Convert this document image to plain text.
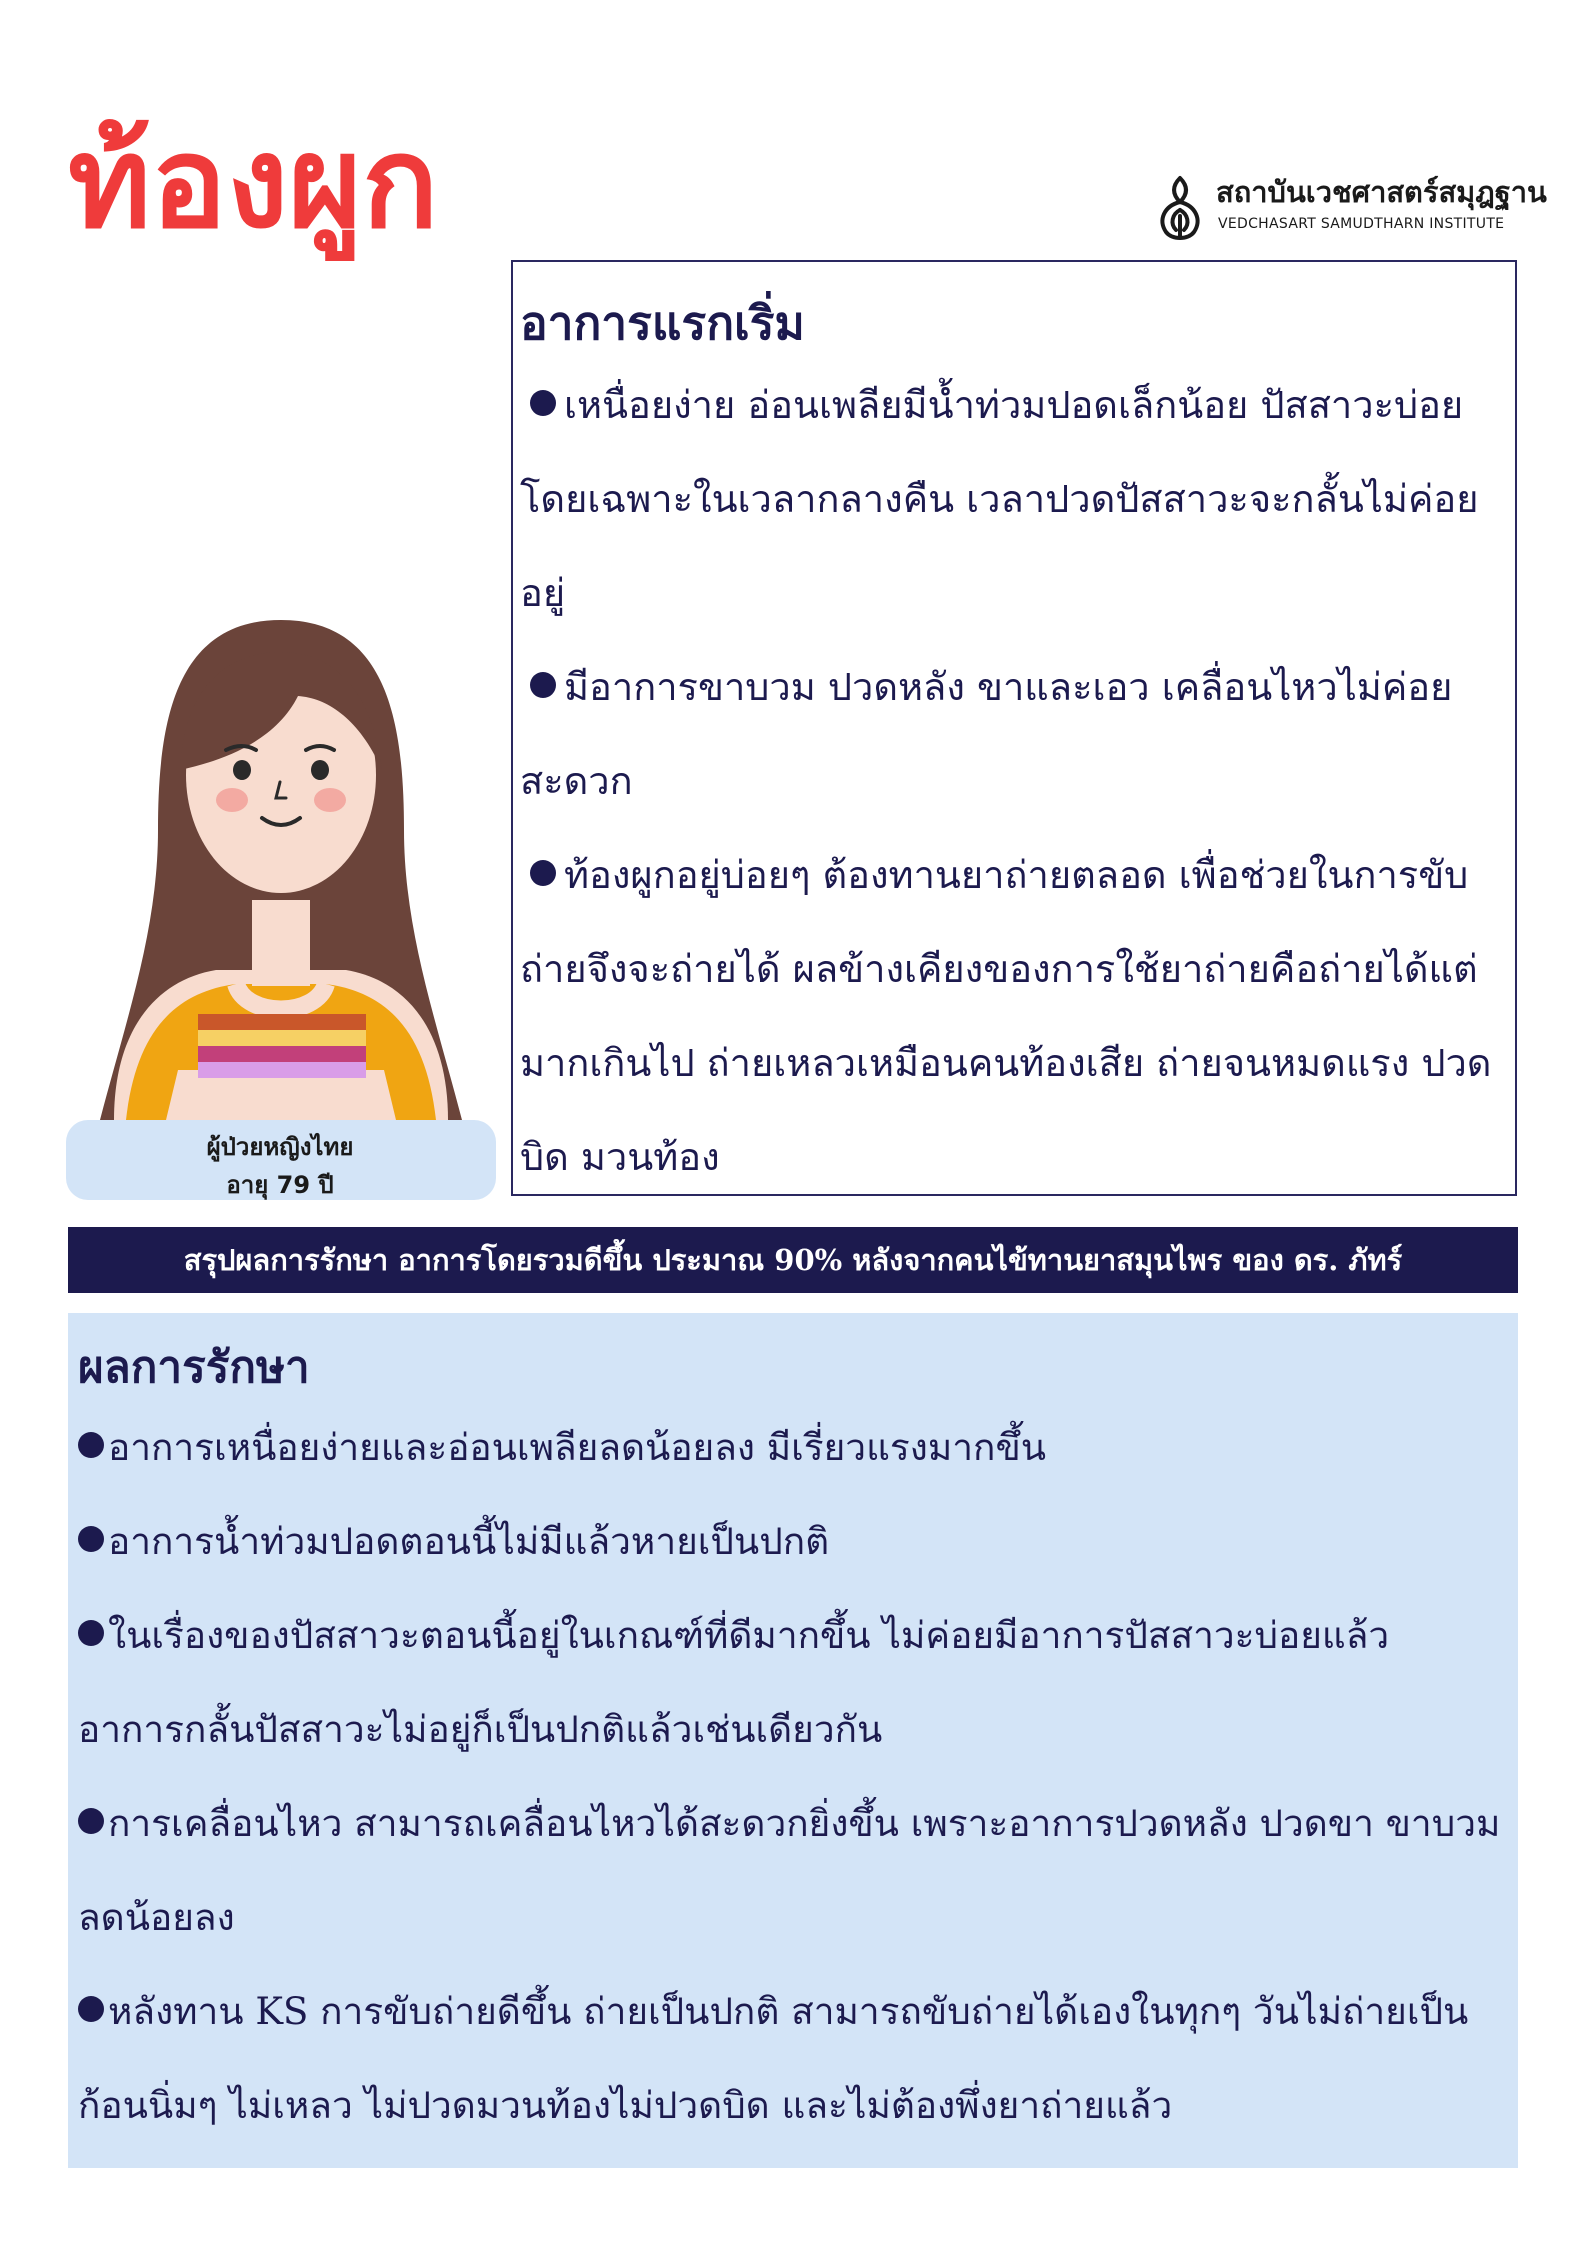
ท้องผูก	สถาบันเวชศาสตร์สมุฎฐาน
VEDCHASART SAMUDTHARN INSTITUTE
ผู้ป่วยหญิงไทย
อายุ 79 ปี
อาการแรกเริ่ม
เหนื่อยง่าย อ่อนเพลียมีน้ำท่วมปอดเล็กน้อย ปัสสาวะบ่อย โดยเฉพาะในเวลากลางคืน เวลาปวดปัสสาวะจะกลั้นไม่ค่อยอยู่
มีอาการขาบวม ปวดหลัง ขาและเอว เคลื่อนไหวไม่ค่อยสะดวก
ท้องผูกอยู่บ่อยๆ ต้องทานยาถ่ายตลอด เพื่อช่วยในการขับถ่ายจึงจะถ่ายได้ ผลข้างเคียงของการใช้ยาถ่ายคือถ่ายได้แต่มากเกินไป ถ่ายเหลวเหมือนคนท้องเสีย ถ่ายจนหมดแรง ปวดบิด มวนท้อง
สรุปผลการรักษา อาการโดยรวมดีขึ้น ประมาณ 90% หลังจากคนไข้ทานยาสมุนไพร ของ ดร. ภัทร์
ผลการรักษา
อาการเหนื่อยง่ายและอ่อนเพลียลดน้อยลง มีเรี่ยวแรงมากขึ้น
อาการน้ำท่วมปอดตอนนี้ไม่มีแล้วหายเป็นปกติ
ในเรื่องของปัสสาวะตอนนี้อยู่ในเกณฑ์ที่ดีมากขึ้น ไม่ค่อยมีอาการปัสสาวะบ่อยแล้ว อาการกลั้นปัสสาวะไม่อยู่ก็เป็นปกติแล้วเช่นเดียวกัน
การเคลื่อนไหว สามารถเคลื่อนไหวได้สะดวกยิ่งขึ้น เพราะอาการปวดหลัง ปวดขา ขาบวม ลดน้อยลง
หลังทาน KS การขับถ่ายดีขึ้น ถ่ายเป็นปกติ สามารถขับถ่ายได้เองในทุกๆ วันไม่ถ่ายเป็นก้อนนิ่มๆ ไม่เหลว ไม่ปวดมวนท้องไม่ปวดบิด และไม่ต้องพึ่งยาถ่ายแล้ว
